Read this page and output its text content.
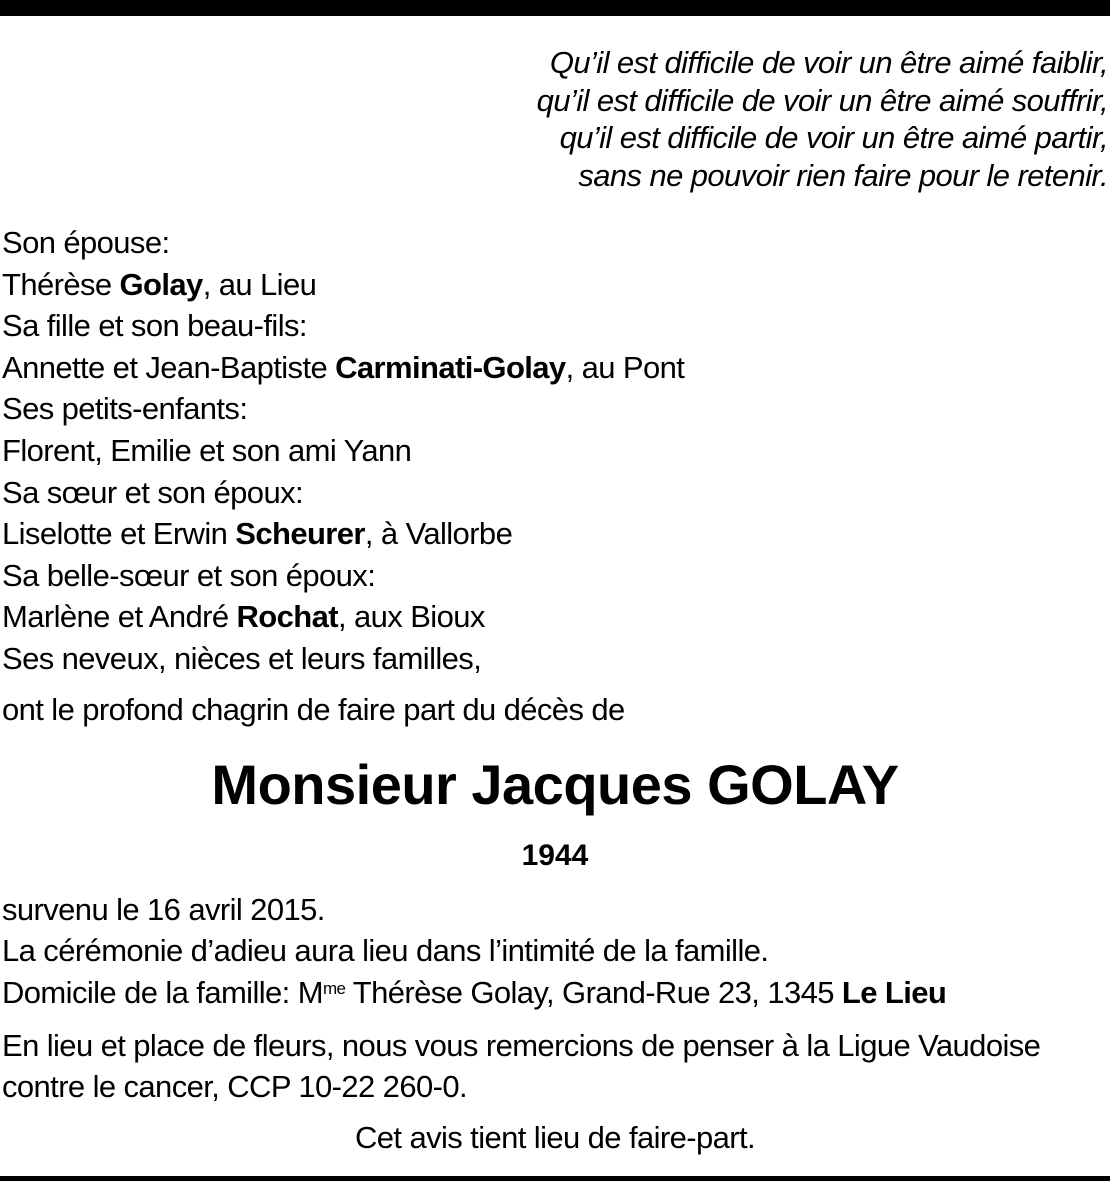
Qu’il est difficile de voir un être aimé faiblir,
qu’il est difficile de voir un être aimé souffrir,
qu’il est difficile de voir un être aimé partir,
sans ne pouvoir rien faire pour le retenir.
Son épouse:
Thérèse Golay, au Lieu
Sa fille et son beau-fils:
Annette et Jean-Baptiste Carminati-Golay, au Pont
Ses petits-enfants:
Florent, Emilie et son ami Yann
Sa sœur et son époux:
Liselotte et Erwin Scheurer, à Vallorbe
Sa belle-sœur et son époux:
Marlène et André Rochat, aux Bioux
Ses neveux, nièces et leurs familles,
ont le profond chagrin de faire part du décès de
Monsieur Jacques GOLAY
1944
survenu le 16 avril 2015.
La cérémonie d’adieu aura lieu dans l’intimité de la famille.
Domicile de la famille: $M^{me}$ Thérèse Golay, Grand-Rue 23, 1345 Le Lieu
En lieu et place de fleurs, nous vous remercions de penser à la Ligue Vaudoise
contre le cancer, CCP 10-22 260-0.
Cet avis tient lieu de faire-part.
